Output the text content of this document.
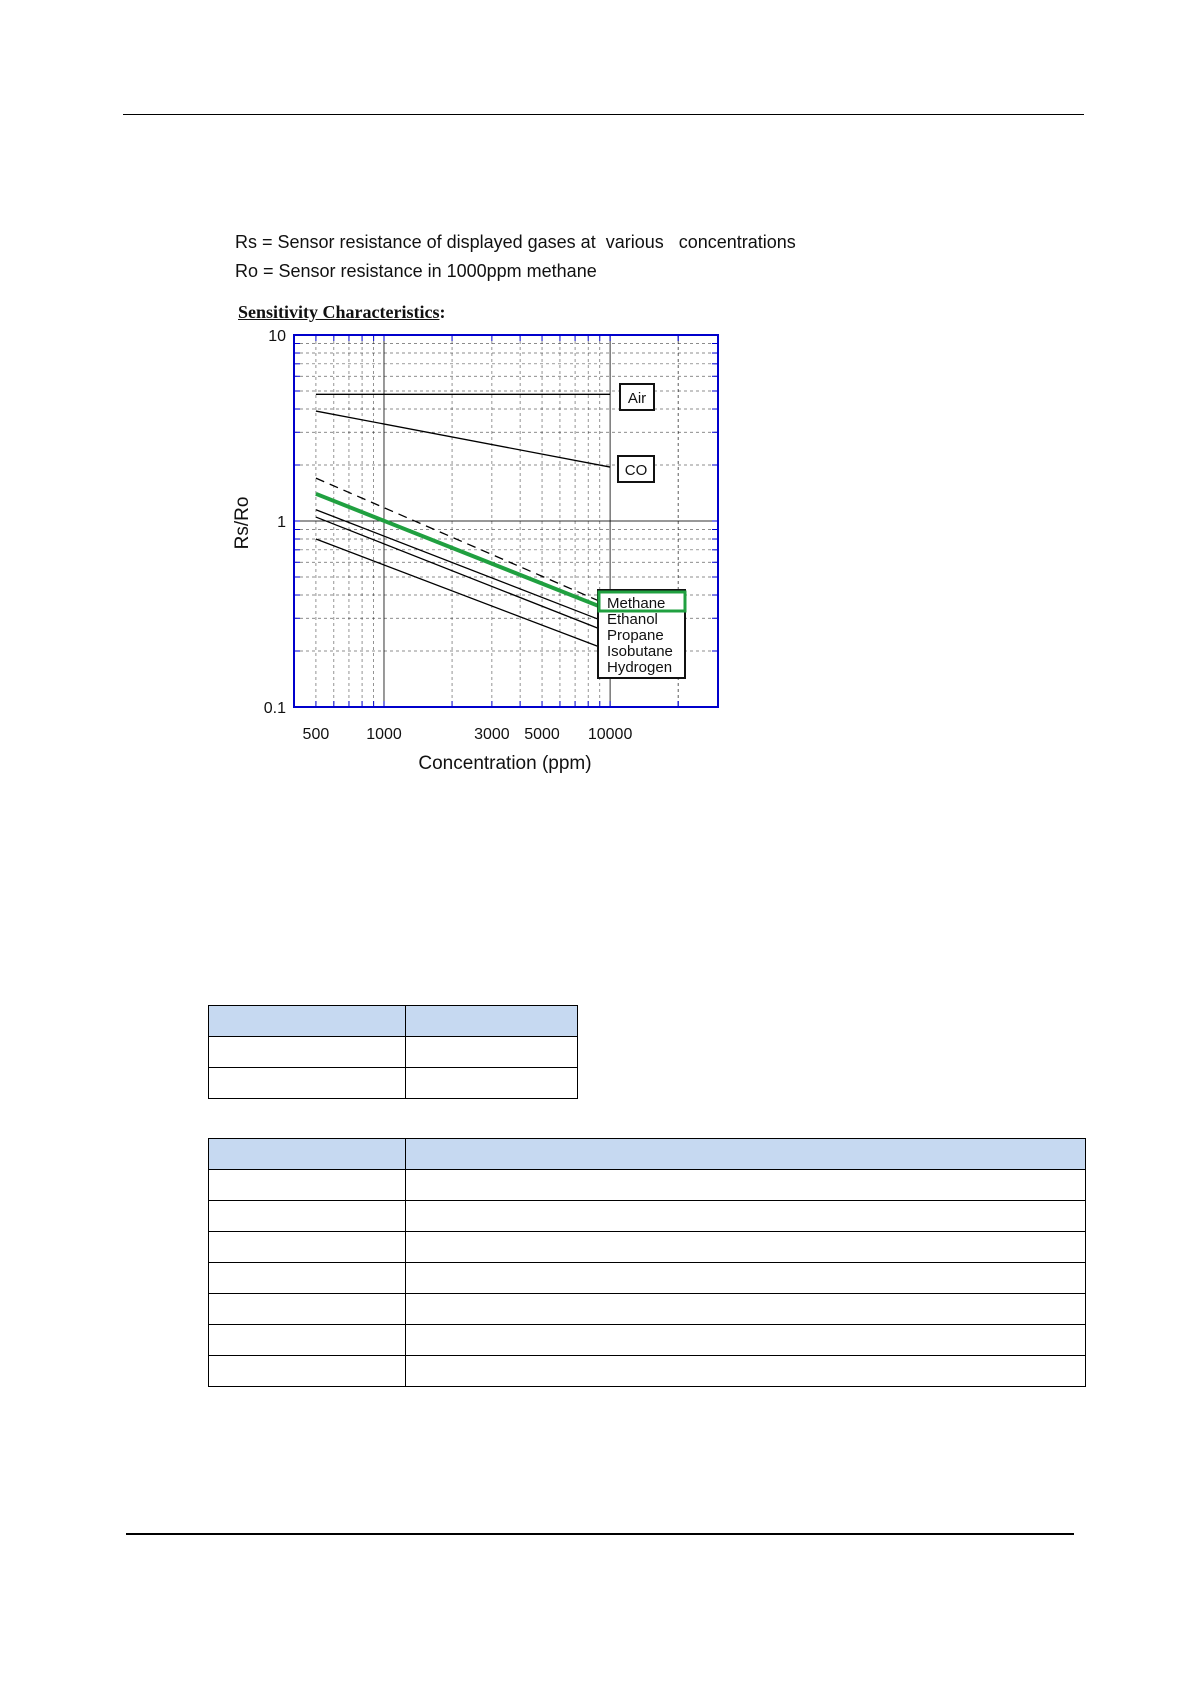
Rs = Sensor resistance of displayed gases at  various   concentrations
Ro = Sensor resistance in 1000ppm methane
Sensitivity Characteristics:
10
1
0.1
500 1000	3000 5000 10000
Concentration (ppm)
Rs/Ro
Air
CO
Methane
Ethanol
Propane
Isobutane
Hydrogen
